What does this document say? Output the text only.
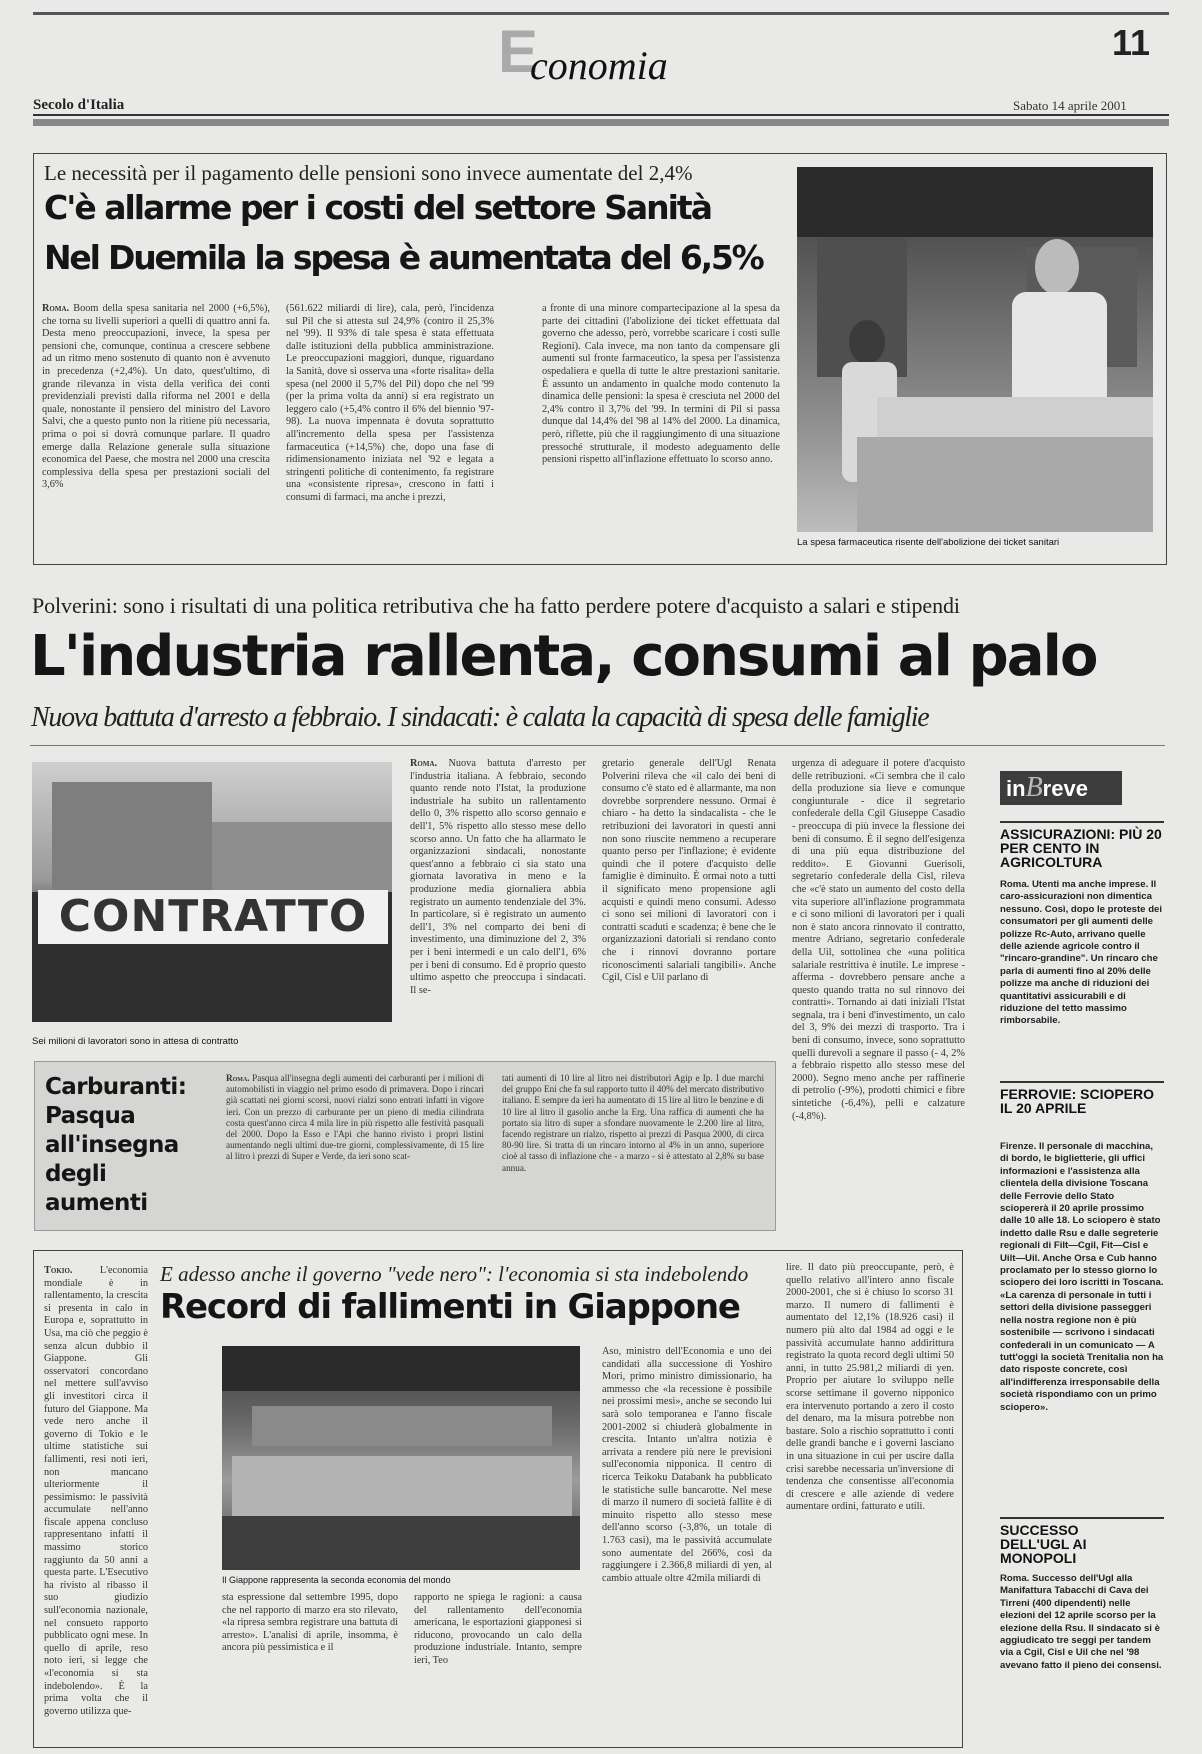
Economia
11
Secolo d'Italia	Sabato 14 aprile 2001
Le necessità per il pagamento delle pensioni sono invece aumentate del 2,4%
C'è allarme per i costi del settore Sanità
Nel Duemila la spesa è aumentata del 6,5%
Roma. Boom della spesa sanitaria nel 2000 (+6,5%), che torna su livelli superiori a quelli di quattro anni fa. Desta meno preoccupazioni, invece, la spesa per pensioni che, comunque, continua a crescere sebbene ad un ritmo meno sostenuto di quanto non è avvenuto in precedenza (+2,4%). Un dato, quest'ultimo, di grande rilevanza in vista della verifica dei conti previdenziali previsti dalla riforma nel 2001 e della quale, nonostante il pensiero del ministro del Lavoro Salvi, che a questo punto non la ritiene più necessaria, prima o poi si dovrà comunque parlare. Il quadro emerge dalla Relazione generale sulla situazione economica del Paese, che mostra nel 2000 una crescita complessiva della spesa per prestazioni sociali del 3,6%
(561.622 miliardi di lire), cala, però, l'incidenza sul Pil che si attesta sul 24,9% (contro il 25,3% nel '99). Il 93% di tale spesa è stata effettuata dalle istituzioni della pubblica amministrazione. Le preoccupazioni maggiori, dunque, riguardano la Sanità, dove si osserva una «forte risalita» della spesa (nel 2000 il 5,7% del Pil) dopo che nel '99 (per la prima volta da anni) si era registrato un leggero calo (+5,4% contro il 6% del biennio '97-98). La nuova impennata è dovuta soprattutto all'incremento della spesa per l'assistenza farmaceutica (+14,5%) che, dopo una fase di ridimensionamento iniziata nel '92 e legata a stringenti politiche di contenimento, fa registrare una «consistente ripresa», crescono in fatti i consumi di farmaci, ma anche i prezzi,
a fronte di una minore compartecipazione al la spesa da parte dei cittadini (l'abolizione dei ticket effettuata dal governo che adesso, però, vorrebbe scaricare i costi sulle Regioni). Cala invece, ma non tanto da compensare gli aumenti sul fronte farmaceutico, la spesa per l'assistenza ospedaliera e quella di tutte le altre prestazioni sanitarie. È assunto un andamento in qualche modo contenuto la dinamica delle pensioni: la spesa è cresciuta nel 2000 del 2,4% contro il 3,7% del '99. In termini di Pil si passa dunque dal 14,4% del '98 al 14% del 2000. La dinamica, però, riflette, più che il raggiungimento di una situazione pressoché strutturale, il modesto adeguamento delle pensioni rispetto all'inflazione effettuato lo scorso anno.
La spesa farmaceutica risente dell'abolizione dei ticket sanitari
Polverini: sono i risultati di una politica retributiva che ha fatto perdere potere d'acquisto a salari e stipendi
L'industria rallenta, consumi al palo
Nuova battuta d'arresto a febbraio. I sindacati: è calata la capacità di spesa delle famiglie
CONTRATTO
Sei milioni di lavoratori sono in attesa di contratto
Roma. Nuova battuta d'arresto per l'industria italiana. A febbraio, secondo quanto rende noto l'Istat, la produzione industriale ha subito un rallentamento dello 0, 3% rispetto allo scorso gennaio e dell'1, 5% rispetto allo stesso mese dello scorso anno. Un fatto che ha allarmato le organizzazioni sindacali, nonostante quest'anno a febbraio ci sia stato una giornata lavorativa in meno e la produzione media giornaliera abbia registrato un aumento tendenziale del 3%. In particolare, si è registrato un aumento dell'1, 3% nel comparto dei beni di investimento, una diminuzione del 2, 3% per i beni intermedi e un calo dell'1, 6% per i beni di consumo. Ed è proprio questo ultimo aspetto che preoccupa i sindacati. Il se-
gretario generale dell'Ugl Renata Polverini rileva che «il calo dei beni di consumo c'è stato ed è allarmante, ma non dovrebbe sorprendere nessuno. Ormai è chiaro - ha detto la sindacalista - che le retribuzioni dei lavoratori in questi anni non sono riuscite nemmeno a recuperare quanto perso per l'inflazione; è evidente quindi che il potere d'acquisto delle famiglie è diminuito. È ormai noto a tutti il significato meno propensione agli acquisti e quindi meno consumi. Adesso ci sono sei milioni di lavoratori con i contratti scaduti e scadenza; è bene che le organizzazioni datoriali si rendano conto che i rinnovi dovranno portare riconoscimenti salariali tangibili». Anche Cgil, Cisl e Uil parlano di
urgenza di adeguare il potere d'acquisto delle retribuzioni. «Ci sembra che il calo della produzione sia lieve e comunque congiunturale - dice il segretario confederale della Cgil Giuseppe Casadio - preoccupa di più invece la flessione dei beni di consumo. È il segno dell'esigenza di una più equa distribuzione del reddito». E Giovanni Guerisoli, segretario confederale della Cisl, rileva che «c'è stato un aumento del costo della vita superiore all'inflazione programmata e ci sono milioni di lavoratori per i quali non è stato ancora rinnovato il contratto, mentre Adriano, segretario confederale della Uil, sottolinea che «una politica salariale restrittiva è inutile. Le imprese - afferma - dovrebbero pensare anche a questo quando tratta no sul rinnovo dei contratti». Tornando ai dati iniziali l'Istat segnala, tra i beni d'investimento, un calo del 3, 9% dei mezzi di trasporto. Tra i beni di consumo, invece, sono soprattutto quelli durevoli a segnare il passo (- 4, 2% a febbraio rispetto allo stesso mese del 2000). Segno meno anche per raffinerie di petrolio (-9%), prodotti chimici e fibre sintetiche (-6,4%), pelli e calzature (-4,8%).
Carburanti: Pasqua all'insegna degli aumenti
Roma. Pasqua all'insegna degli aumenti dei carburanti per i milioni di automobilisti in viaggio nel primo esodo di primavera. Dopo i rincari già scattati nei giorni scorsi, nuovi rialzi sono entrati infatti in vigore ieri. Con un prezzo di carburante per un pieno di media cilindrata costa quest'anno circa 4 mila lire in più rispetto alle festività pasquali del 2000. Dopo la Esso e l'Api che hanno rivisto i propri listini aumentando negli ultimi due-tre giorni, complessivamente, di 15 lire al litro i prezzi di Super e Verde, da ieri sono scat-
tati aumenti di 10 lire al litro nei distributori Agip e Ip. I due marchi del gruppo Eni che fa sul rapporto tutto il 40% del mercato distributivo italiano. E sempre da ieri ha aumentato di 15 lire al litro le benzine e di 10 lire al litro il gasolio anche la Erg. Una raffica di aumenti che ha portato sia litro di super a sfondare nuovamente le 2.200 lire al litro, facendo registrare un rialzo, rispetto ai prezzi di Pasqua 2000, di circa 80-90 lire. Si tratta di un rincaro intorno al 4% in un anno, superiore cioè al tasso di inflazione che - a marzo - si è attestato al 2,8% su base annua.
inBreve
ASSICURAZIONI: PIÙ 20 PER CENTO IN AGRICOLTURA
Roma. Utenti ma anche imprese. Il caro-assicurazioni non dimentica nessuno. Così, dopo le proteste dei consumatori per gli aumenti delle polizze Rc-Auto, arrivano quelle delle aziende agricole contro il "rincaro-grandine". Un rincaro che parla di aumenti fino al 20% delle polizze ma anche di riduzioni dei quantitativi assicurabili e di riduzione del tetto massimo rimborsabile.
FERROVIE: SCIOPERO IL 20 APRILE
Firenze. Il personale di macchina, di bordo, le biglietterie, gli uffici informazioni e l'assistenza alla clientela della divisione Toscana delle Ferrovie dello Stato sciopererà il 20 aprile prossimo dalle 10 alle 18. Lo sciopero è stato indetto dalle Rsu e dalle segreterie regionali di Filt—Cgil, Fit—Cisl e Uilt—Uil. Anche Orsa e Cub hanno proclamato per lo stesso giorno lo sciopero dei loro iscritti in Toscana. «La carenza di personale in tutti i settori della divisione passeggeri nella nostra regione non è più sostenibile — scrivono i sindacati confederali in un comunicato — A tutt'oggi la società Trenitalia non ha dato risposte concrete, così all'indifferenza irresponsabile della società rispondiamo con un primo sciopero».
SUCCESSO DELL'UGL AI MONOPOLI
Roma. Successo dell'Ugl alla Manifattura Tabacchi di Cava dei Tirreni (400 dipendenti) nelle elezioni del 12 aprile scorso per la elezione della Rsu. Il sindacato si è aggiudicato tre seggi per tandem via a Cgil, Cisl e Uil che nel '98 avevano fatto il pieno dei consensi.
E adesso anche il governo "vede nero": l'economia si sta indebolendo
Record di fallimenti in Giappone
Tokio.	L'economia mondiale è in rallentamento, la crescita si presenta in calo in Europa e, soprattutto in Usa, ma ciò che peggio è senza alcun dubbio il Giappone. Gli osservatori concordano nel mettere sull'avviso gli investitori circa il futuro del Giappone. Ma vede nero anche il governo di Tokio e le ultime statistiche sui fallimenti, resi noti ieri, non mancano ulteriormente il pessimismo: le passività accumulate nell'anno fiscale appena concluso rappresentano infatti il massimo storico raggiunto da 50 anni a questa parte. L'Esecutivo ha rivisto al ribasso il suo giudizio sull'economia nazionale, nel consueto rapporto pubblicato ogni mese. In quello di aprile, reso noto ieri, si legge che «l'economia si sta indebolendo». È la prima volta che il governo utilizza que-
Il Giappone rappresenta la seconda economia del mondo
sta espressione dal settembre 1995, dopo che nel rapporto di marzo era sto rilevato, «la ripresa sembra registrare una battuta di arresto». L'analisi di aprile, insomma, è ancora più pessimistica e il
rapporto ne spiega le ragioni: a causa del rallentamento dell'economia americana, le esportazioni giapponesi si riducono, provocando un calo della produzione industriale. Intanto, sempre ieri, Teo
Aso, ministro dell'Economia e uno dei candidati alla successione di Yoshiro Mori, primo ministro dimissionario, ha ammesso che «la recessione è possibile nei prossimi mesi», anche se secondo lui sarà solo temporanea e l'anno fiscale 2001-2002 si chiuderà globalmente in crescita. Intanto un'altra notizia è arrivata a rendere più nere le previsioni sull'economia nipponica. Il centro di ricerca Teikoku Databank ha pubblicato le statistiche sulle bancarotte. Nel mese di marzo il numero di società fallite è di minuito rispetto allo stesso mese dell'anno scorso (-3,8%, un totale di 1.763 casi), ma le passività accumulate sono aumentate del 266%, così da raggiungere i 2.366,8 miliardi di yen, al cambio attuale oltre 42mila miliardi di
lire. Il dato più preoccupante, però, è quello relativo all'intero anno fiscale 2000-2001, che si è chiuso lo scorso 31 marzo. Il numero di fallimenti è aumentato del 12,1% (18.926 casi) il numero più alto dal 1984 ad oggi e le passività accumulate hanno addirittura registrato la quota record degli ultimi 50 anni, in tutto 25.981,2 miliardi di yen. Proprio per aiutare lo sviluppo nelle scorse settimane il governo nipponico era intervenuto portando a zero il costo del denaro, ma la misura potrebbe non bastare. Solo a rischio soprattutto i conti delle grandi banche e i governi lasciano in una situazione in cui per uscire dalla crisi sarebbe necessaria un'inversione di tendenza che consentisse all'economia di crescere e alle aziende di vedere aumentare ordini, fatturato e utili.
